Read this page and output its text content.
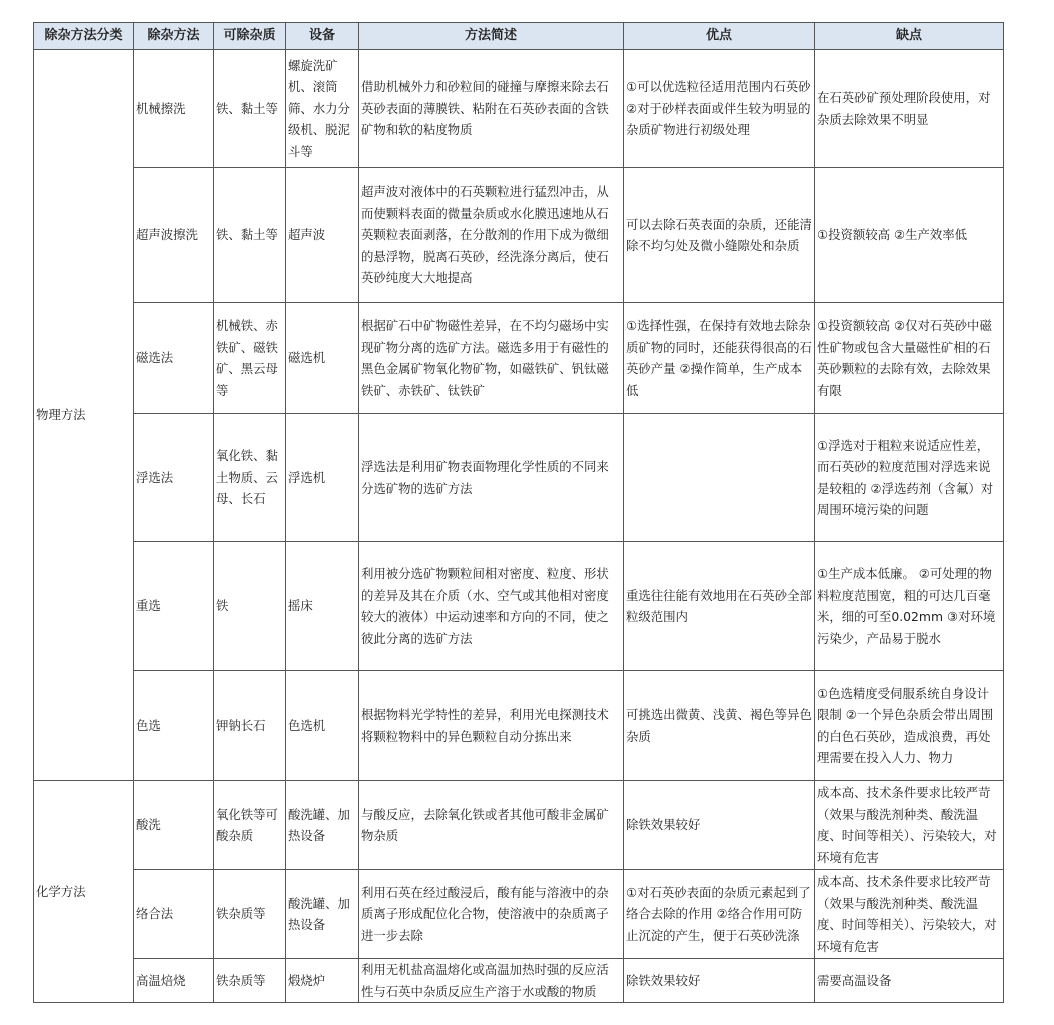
除杂方法分类	除杂方法	可除杂质	设备	方法简述	优点	缺点
物理方法	机械擦洗	铁、黏土等	螺旋洗矿机、滚筒筛、水力分级机、脱泥斗等	借助机械外力和砂粒间的碰撞与摩擦来除去石英砂表面的薄膜铁、粘附在石英砂表面的含铁矿物和软的粘度物质	①可以优选粒径适用范围内石英砂 ②对于砂样表面或伴生较为明显的杂质矿物进行初级处理	在石英砂矿预处理阶段使用，对杂质去除效果不明显
	超声波擦洗	铁、黏土等	超声波	超声波对液体中的石英颗粒进行猛烈冲击，从而使颗料表面的微量杂质或水化膜迅速地从石英颗粒表面剥落，在分散剂的作用下成为微细的悬浮物，脱离石英砂，经洗涤分离后，使石英砂纯度大大地提高	可以去除石英表面的杂质，还能清除不均匀处及微小缝隙处和杂质	①投资额较高 ②生产效率低
	磁选法	机械铁、赤铁矿、磁铁矿、黑云母等	磁选机	根据矿石中矿物磁性差异，在不均匀磁场中实现矿物分离的选矿方法。磁选多用于有磁性的黑色金属矿物氧化物矿物，如磁铁矿、钒钛磁铁矿、赤铁矿、钛铁矿	①选择性强，在保持有效地去除杂质矿物的同时，还能获得很高的石英砂产量 ②操作简单，生产成本低	①投资额较高 ②仅对石英砂中磁性矿物或包含大量磁性矿相的石英砂颗粒的去除有效，去除效果有限
	浮选法	氧化铁、黏土物质、云母、长石	浮选机	浮选法是利用矿物表面物理化学性质的不同来分选矿物的选矿方法		①浮选对于粗粒来说适应性差，而石英砂的粒度范围对浮选来说是较粗的 ②浮选药剂（含氟）对周围环境污染的问题
	重选	铁	摇床	利用被分选矿物颗粒间相对密度、粒度、形状的差异及其在介质（水、空气或其他相对密度较大的液体）中运动速率和方向的不同，使之彼此分离的选矿方法	重选往往能有效地用在石英砂全部粒级范围内	①生产成本低廉。 ②可处理的物料粒度范围宽，粗的可达几百毫米，细的可至0.02mm ③对环境污染少，产品易于脱水
	色选	钾钠长石	色选机	根据物料光学特性的差异，利用光电探测技术将颗粒物料中的异色颗粒自动分拣出来	可挑选出微黄、浅黄、褐色等异色杂质	①色选精度受伺服系统自身设计限制 ②一个异色杂质会带出周围的白色石英砂，造成浪费，再处理需要在投入人力、物力
化学方法	酸洗	氧化铁等可酸杂质	酸洗罐、加热设备	与酸反应，去除氧化铁或者其他可酸非金属矿物杂质	除铁效果较好	成本高、技术条件要求比较严苛（效果与酸洗剂种类、酸洗温度、时间等相关）、污染较大，对环境有危害
	络合法	铁杂质等	酸洗罐、加热设备	利用石英在经过酸浸后，酸有能与溶液中的杂质离子形成配位化合物，使溶液中的杂质离子进一步去除	①对石英砂表面的杂质元素起到了络合去除的作用 ②络合作用可防止沉淀的产生，便于石英砂洗涤	成本高、技术条件要求比较严苛（效果与酸洗剂种类、酸洗温度、时间等相关）、污染较大，对环境有危害
	高温焙烧	铁杂质等	煅烧炉	利用无机盐高温熔化或高温加热时强的反应活性与石英中杂质反应生产溶于水或酸的物质	除铁效果较好	需要高温设备
